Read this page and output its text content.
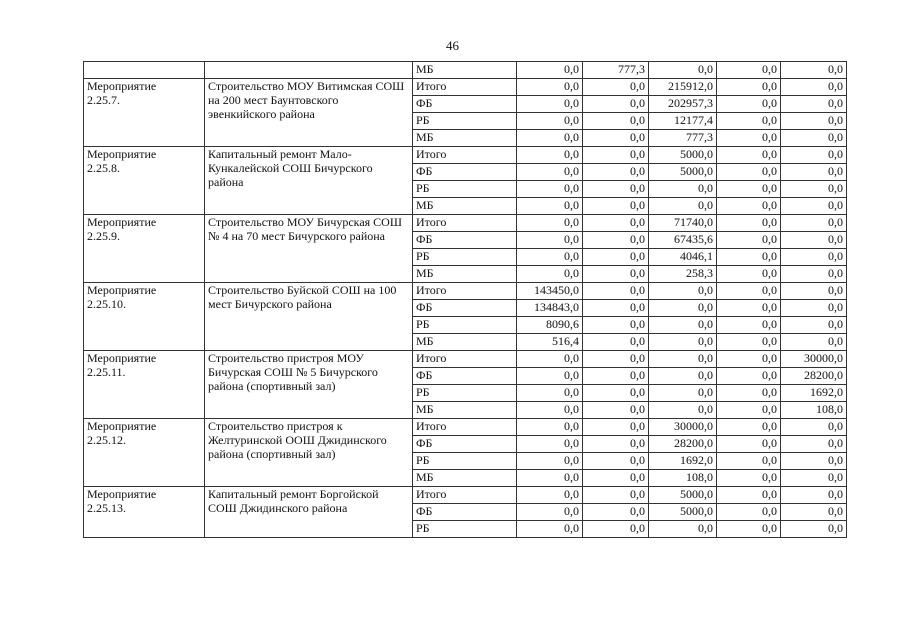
46
		МБ	0,0	777,3	0,0	0,0	0,0
Мероприятие
2.25.7.	Строительство МОУ Витимская СОШ на 200 мест Баунтовского эвенкийского района	Итого	0,0	0,0	215912,0	0,0	0,0
		ФБ	0,0	0,0	202957,3	0,0	0,0
		РБ	0,0	0,0	12177,4	0,0	0,0
		МБ	0,0	0,0	777,3	0,0	0,0
Мероприятие
2.25.8.	Капитальный ремонт Мало-Кункалейской СОШ Бичурского района	Итого	0,0	0,0	5000,0	0,0	0,0
		ФБ	0,0	0,0	5000,0	0,0	0,0
		РБ	0,0	0,0	0,0	0,0	0,0
		МБ	0,0	0,0	0,0	0,0	0,0
Мероприятие
2.25.9.	Строительство МОУ Бичурская СОШ № 4 на 70 мест Бичурского района	Итого	0,0	0,0	71740,0	0,0	0,0
		ФБ	0,0	0,0	67435,6	0,0	0,0
		РБ	0,0	0,0	4046,1	0,0	0,0
		МБ	0,0	0,0	258,3	0,0	0,0
Мероприятие
2.25.10.	Строительство Буйской СОШ на 100 мест Бичурского района	Итого	143450,0	0,0	0,0	0,0	0,0
		ФБ	134843,0	0,0	0,0	0,0	0,0
		РБ	8090,6	0,0	0,0	0,0	0,0
		МБ	516,4	0,0	0,0	0,0	0,0
Мероприятие
2.25.11.	Строительство пристроя МОУ Бичурская СОШ № 5 Бичурского района (спортивный зал)	Итого	0,0	0,0	0,0	0,0	30000,0
		ФБ	0,0	0,0	0,0	0,0	28200,0
		РБ	0,0	0,0	0,0	0,0	1692,0
		МБ	0,0	0,0	0,0	0,0	108,0
Мероприятие
2.25.12.	Строительство пристроя к Желтуринской ООШ Джидинского района (спортивный зал)	Итого	0,0	0,0	30000,0	0,0	0,0
		ФБ	0,0	0,0	28200,0	0,0	0,0
		РБ	0,0	0,0	1692,0	0,0	0,0
		МБ	0,0	0,0	108,0	0,0	0,0
Мероприятие
2.25.13.	Капитальный ремонт Боргойской СОШ Джидинского района	Итого	0,0	0,0	5000,0	0,0	0,0
		ФБ	0,0	0,0	5000,0	0,0	0,0
		РБ	0,0	0,0	0,0	0,0	0,0
